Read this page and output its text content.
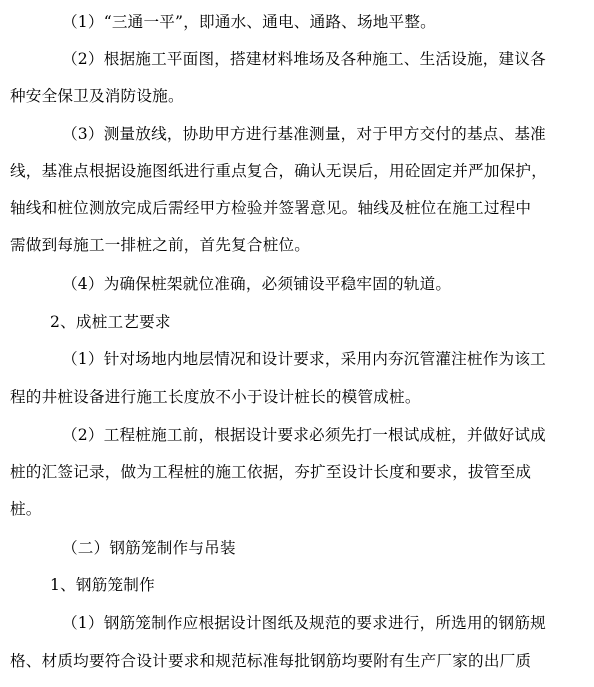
（1）“三通一平”，即通水、通电、通路、场地平整。
（2）根据施工平面图，搭建材料堆场及各种施工、生活设施，建议各
种安全保卫及消防设施。
（3）测量放线，协助甲方进行基准测量，对于甲方交付的基点、基准
线，基准点根据设施图纸进行重点复合，确认无误后，用砼固定并严加保护，
轴线和桩位测放完成后需经甲方检验并签署意见。轴线及桩位在施工过程中
需做到每施工一排桩之前，首先复合桩位。
（4）为确保桩架就位准确，必须铺设平稳牢固的轨道。
2、成桩工艺要求
（1）针对场地内地层情况和设计要求，采用内夯沉管灌注桩作为该工
程的井桩设备进行施工长度放不小于设计桩长的模管成桩。
（2）工程桩施工前，根据设计要求必须先打一根试成桩，并做好试成
桩的汇签记录，做为工程桩的施工依据，夯扩至设计长度和要求，拔管至成
桩。
（二）钢筋笼制作与吊装
1、钢筋笼制作
（1）钢筋笼制作应根据设计图纸及规范的要求进行，所选用的钢筋规
格、材质均要符合设计要求和规范标准每批钢筋均要附有生产厂家的出厂质
